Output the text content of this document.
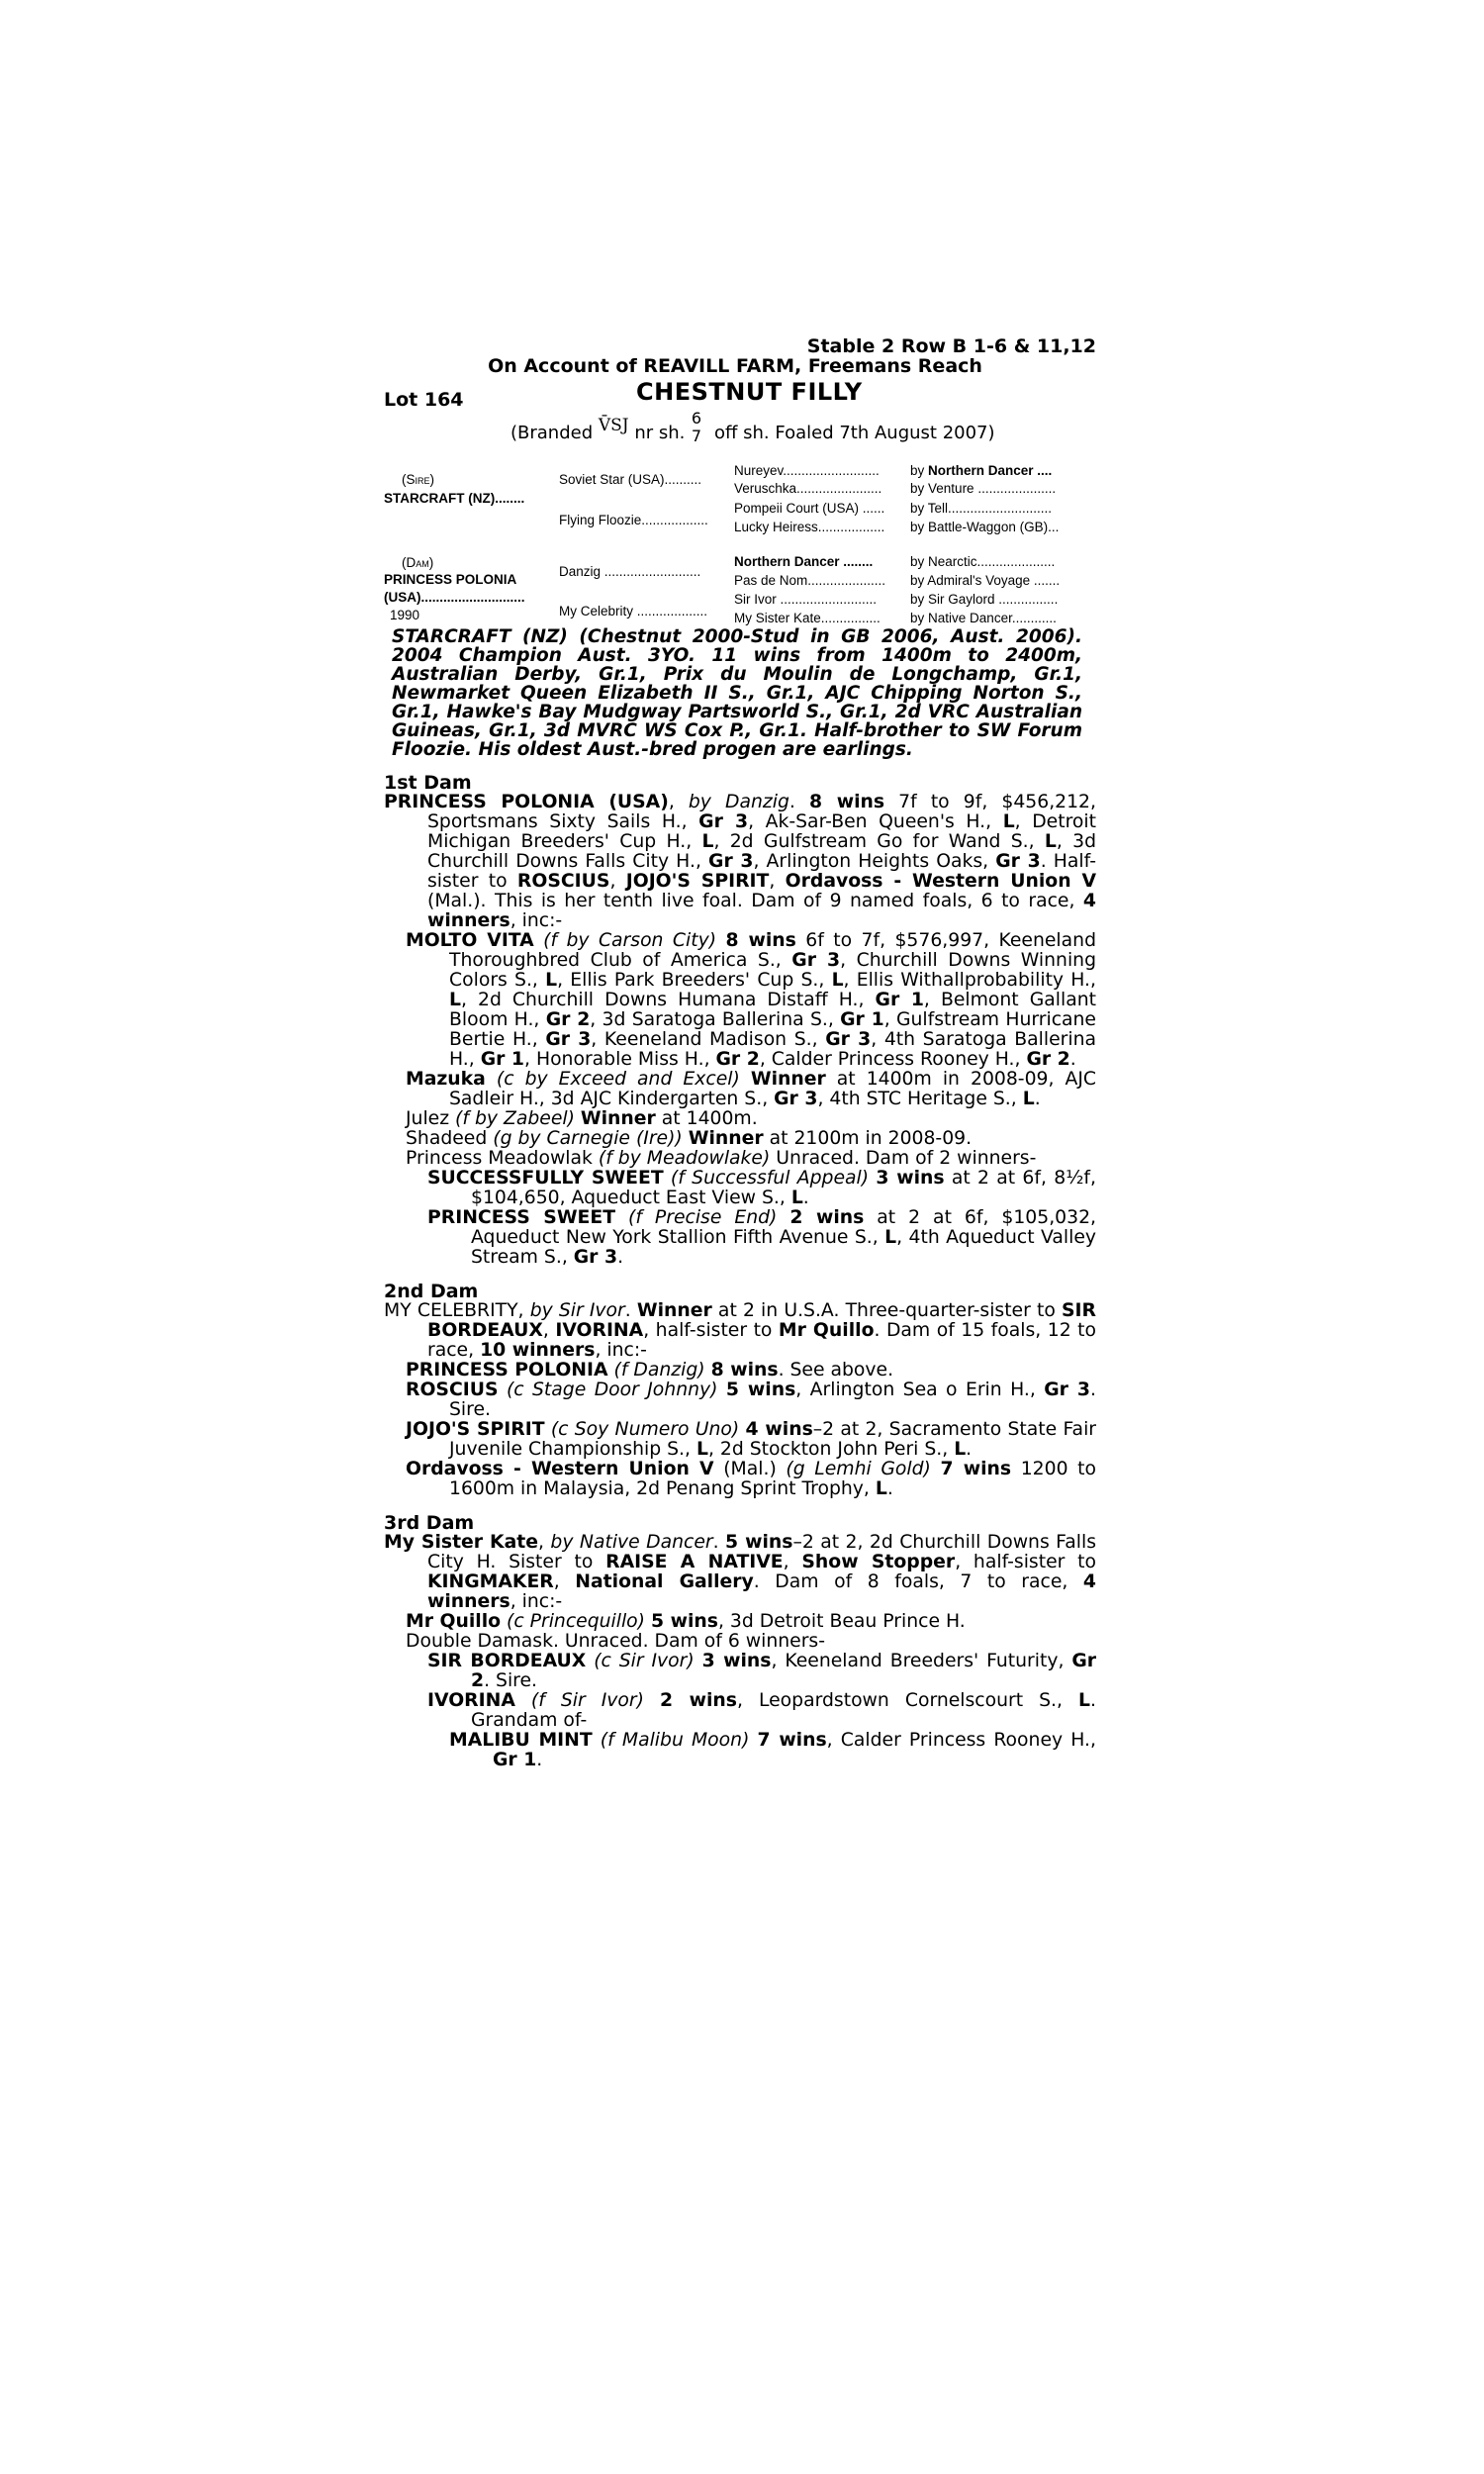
Stable 2 Row B 1-6 & 11,12
On Account of REAVILL FARM, Freemans Reach
Lot 164	CHESTNUT FILLY
(Branded V̄SJ nr sh.
6
7 off sh. Foaled 7th August 2007)
(Sire)
STARCRAFT (NZ)........
(Dam)
PRINCESS POLONIA
(USA)............................
1990
Soviet Star (USA)..........
Flying Floozie..................
Danzig ..........................
My Celebrity ...................
Nureyev..........................
Veruschka.......................
Pompeii Court (USA) ......
Lucky Heiress..................
Northern Dancer ........
Pas de Nom.....................
Sir Ivor ..........................
My Sister Kate................
by Northern Dancer ....
by Venture .....................
by Tell............................
by Battle-Waggon (GB)...
by Nearctic.....................
by Admiral's Voyage .......
by Sir Gaylord ................
by Native Dancer............
STARCRAFT (NZ) (Chestnut 2000-Stud in GB 2006, Aust. 2006). 2004 Champion Aust. 3YO. 11 wins from 1400m to 2400m, Australian Derby, Gr.1, Prix du Moulin de Longchamp, Gr.1, Newmarket Queen Elizabeth II S., Gr.1, AJC Chipping Norton S., Gr.1, Hawke's Bay Mudgway Partsworld S., Gr.1, 2d VRC Australian Guineas, Gr.1, 3d MVRC WS Cox P., Gr.1. Half-brother to SW Forum Floozie. His oldest Aust.-bred progen are earlings.
1st Dam

PRINCESS POLONIA (USA), by Danzig. 8 wins 7f to 9f, $456,212, Sportsmans Sixty Sails H., Gr 3, Ak-Sar-Ben Queen's H., L, Detroit Michigan Breeders' Cup H., L, 2d Gulfstream Go for Wand S., L, 3d Churchill Downs Falls City H., Gr 3, Arlington Heights Oaks, Gr 3. Half-sister to ROSCIUS, JOJO'S SPIRIT, Ordavoss - Western Union V (Mal.). This is her tenth live foal. Dam of 9 named foals, 6 to race, 4 winners, inc:-

MOLTO VITA (f by Carson City) 8 wins 6f to 7f, $576,997, Keeneland Thoroughbred Club of America S., Gr 3, Churchill Downs Winning Colors S., L, Ellis Park Breeders' Cup S., L, Ellis Withallprobability H., L, 2d Churchill Downs Humana Distaff H., Gr 1, Belmont Gallant Bloom H., Gr 2, 3d Saratoga Ballerina S., Gr 1, Gulfstream Hurricane Bertie H., Gr 3, Keeneland Madison S., Gr 3, 4th Saratoga Ballerina H., Gr 1, Honorable Miss H., Gr 2, Calder Princess Rooney H., Gr 2.

Mazuka (c by Exceed and Excel) Winner at 1400m in 2008-09, AJC Sadleir H., 3d AJC Kindergarten S., Gr 3, 4th STC Heritage S., L.

Julez (f by Zabeel) Winner at 1400m.

Shadeed (g by Carnegie (Ire)) Winner at 2100m in 2008-09.

Princess Meadowlak (f by Meadowlake) Unraced. Dam of 2 winners-

SUCCESSFULLY SWEET (f Successful Appeal) 3 wins at 2 at 6f, 8½f, $104,650, Aqueduct East View S., L.

PRINCESS SWEET (f Precise End) 2 wins at 2 at 6f, $105,032, Aqueduct New York Stallion Fifth Avenue S., L, 4th Aqueduct Valley Stream S., Gr 3.

2nd Dam

MY CELEBRITY, by Sir Ivor. Winner at 2 in U.S.A. Three-quarter-sister to SIR BORDEAUX, IVORINA, half-sister to Mr Quillo. Dam of 15 foals, 12 to race, 10 winners, inc:-

PRINCESS POLONIA (f Danzig) 8 wins. See above.

ROSCIUS (c Stage Door Johnny) 5 wins, Arlington Sea o Erin H., Gr 3. Sire.

JOJO'S SPIRIT (c Soy Numero Uno) 4 wins–2 at 2, Sacramento State Fair Juvenile Championship S., L, 2d Stockton John Peri S., L.

Ordavoss - Western Union V (Mal.) (g Lemhi Gold) 7 wins 1200 to 1600m in Malaysia, 2d Penang Sprint Trophy, L.

3rd Dam

My Sister Kate, by Native Dancer. 5 wins–2 at 2, 2d Churchill Downs Falls City H. Sister to RAISE A NATIVE, Show Stopper, half-sister to KINGMAKER, National Gallery. Dam of 8 foals, 7 to race, 4 winners, inc:-

Mr Quillo (c Princequillo) 5 wins, 3d Detroit Beau Prince H.

Double Damask. Unraced. Dam of 6 winners-

SIR BORDEAUX (c Sir Ivor) 3 wins, Keeneland Breeders' Futurity, Gr 2. Sire.

IVORINA (f Sir Ivor) 2 wins, Leopardstown Cornelscourt S., L. Grandam of-

MALIBU MINT (f Malibu Moon) 7 wins, Calder Princess Rooney H., Gr 1.
